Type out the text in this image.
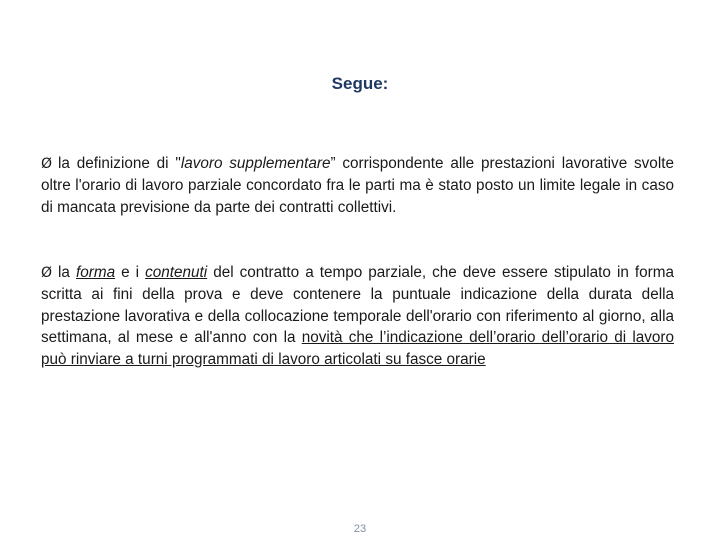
Segue:
Ø la definizione di "lavoro supplementare” corrispondente alle prestazioni lavorative svolte oltre l'orario di lavoro parziale concordato fra le parti ma è stato posto un limite legale in caso di mancata previsione da parte dei contratti collettivi.
Ø la forma e i contenuti del contratto a tempo parziale, che deve essere stipulato in forma scritta ai fini della prova e deve contenere la puntuale indicazione della durata della prestazione lavorativa e della collocazione temporale dell'orario con riferimento al giorno, alla settimana, al mese e all'anno con la novità che l’indicazione dell’orario dell’orario di lavoro può rinviare a turni programmati di lavoro articolati su fasce orarie
23
